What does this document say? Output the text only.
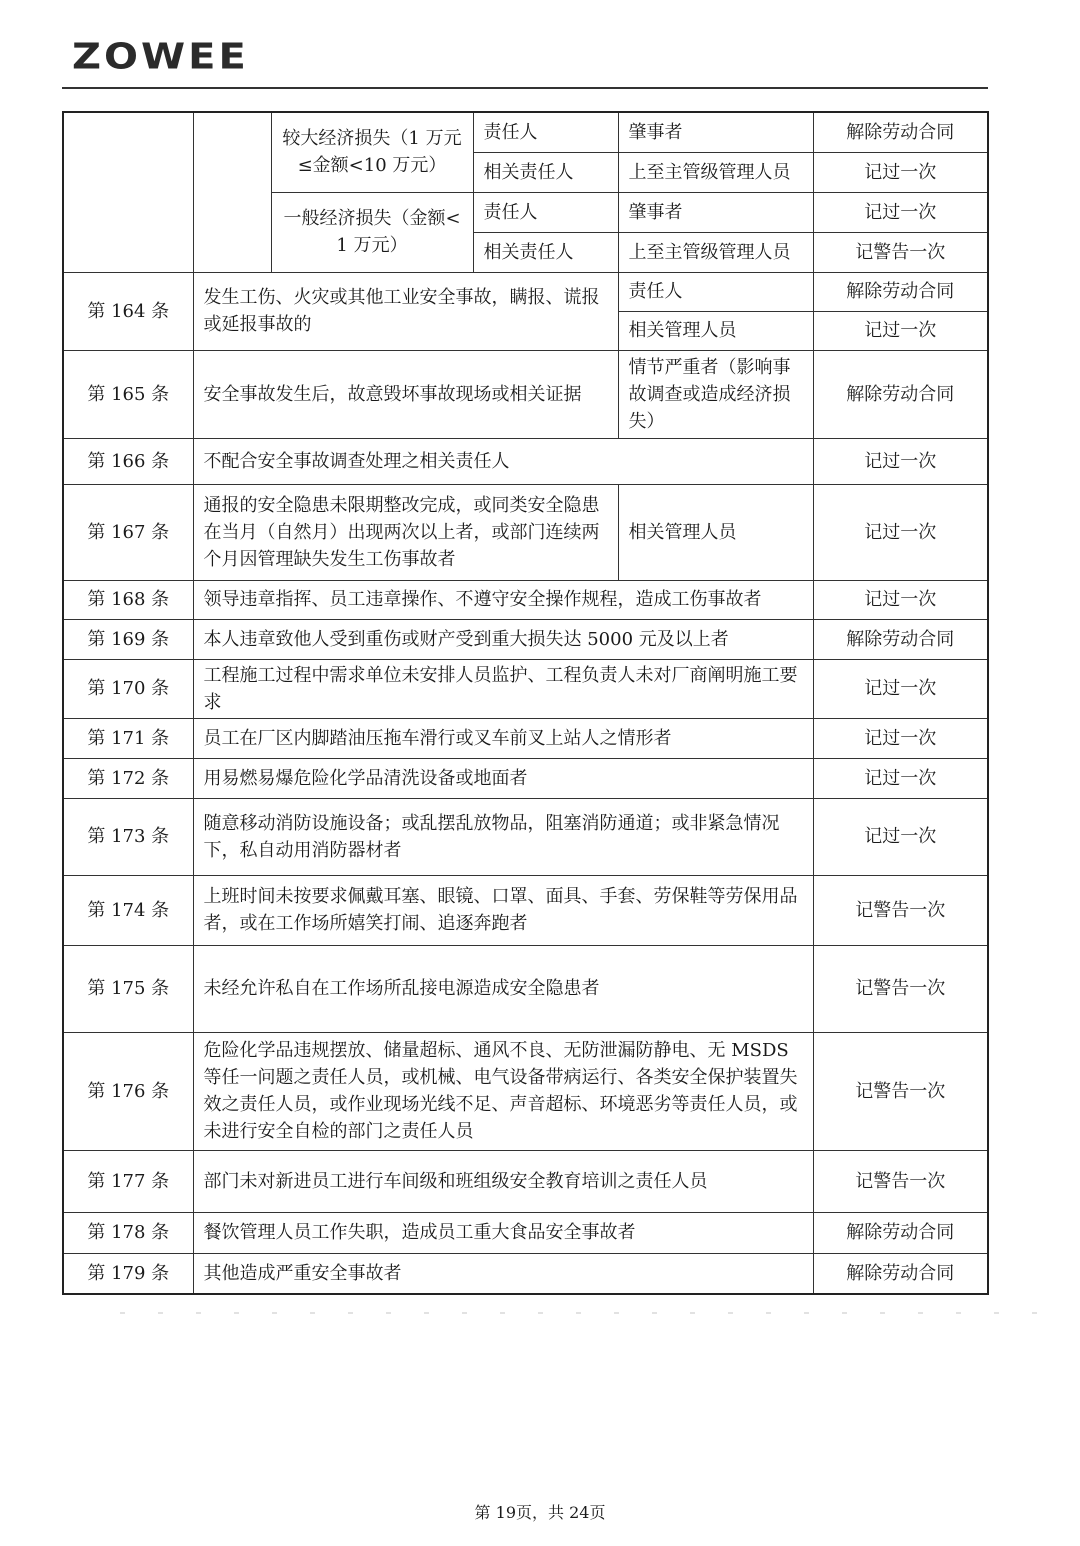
ZOWEE
		较大经济损失（1 万元≤金额<10 万元）	责任人	肇事者	解除劳动合同
			相关责任人	上至主管级管理人员	记过一次
		一般经济损失（金额<1 万元）	责任人	肇事者	记过一次
			相关责任人	上至主管级管理人员	记警告一次
第 164 条	发生工伤、火灾或其他工业安全事故，瞒报、谎报或延报事故的			责任人	解除劳动合同
				相关管理人员	记过一次
第 165 条	安全事故发生后，故意毁坏事故现场或相关证据			情节严重者（影响事故调查或造成经济损失）	解除劳动合同
第 166 条	不配合安全事故调查处理之相关责任人				记过一次
第 167 条	通报的安全隐患未限期整改完成，或同类安全隐患在当月（自然月）出现两次以上者，或部门连续两个月因管理缺失发生工伤事故者			相关管理人员	记过一次
第 168 条	领导违章指挥、员工违章操作、不遵守安全操作规程，造成工伤事故者				记过一次
第 169 条	本人违章致他人受到重伤或财产受到重大损失达 5000 元及以上者				解除劳动合同
第 170 条	工程施工过程中需求单位未安排人员监护、工程负责人未对厂商阐明施工要求				记过一次
第 171 条	员工在厂区内脚踏油压拖车滑行或叉车前叉上站人之情形者				记过一次
第 172 条	用易燃易爆危险化学品清洗设备或地面者				记过一次
第 173 条	随意移动消防设施设备；或乱摆乱放物品，阻塞消防通道；或非紧急情况下，私自动用消防器材者				记过一次
第 174 条	上班时间未按要求佩戴耳塞、眼镜、口罩、面具、手套、劳保鞋等劳保用品者，或在工作场所嬉笑打闹、追逐奔跑者				记警告一次
第 175 条	未经允许私自在工作场所乱接电源造成安全隐患者				记警告一次
第 176 条	危险化学品违规摆放、储量超标、通风不良、无防泄漏防静电、无 MSDS 等任一问题之责任人员，或机械、电气设备带病运行、各类安全保护装置失效之责任人员，或作业现场光线不足、声音超标、环境恶劣等责任人员，或未进行安全自检的部门之责任人员				记警告一次
第 177 条	部门未对新进员工进行车间级和班组级安全教育培训之责任人员				记警告一次
第 178 条	餐饮管理人员工作失职，造成员工重大食品安全事故者				解除劳动合同
第 179 条	其他造成严重安全事故者				解除劳动合同
第 19页，共 24页
